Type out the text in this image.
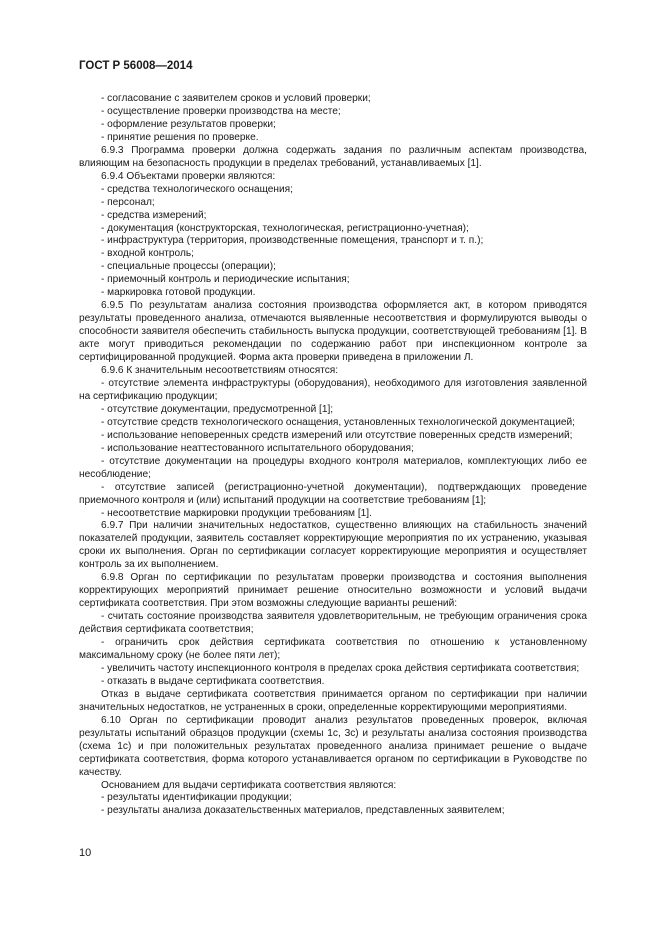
ГОСТ Р 56008—2014

- согласование с заявителем сроков и условий проверки;

- осуществление проверки производства на месте;

- оформление результатов проверки;

- принятие решения по проверке.

6.9.3 Программа проверки должна содержать задания по различным аспектам производства, влияющим на безопасность продукции в пределах требований, устанавливаемых [1].

6.9.4 Объектами проверки являются:

- средства технологического оснащения;

- персонал;

- средства измерений;

- документация (конструкторская, технологическая, регистрационно-учетная);

- инфраструктура (территория, производственные помещения, транспорт и т. п.);

- входной контроль;

- специальные процессы (операции);

- приемочный контроль и периодические испытания;

- маркировка готовой продукции.

6.9.5 По результатам анализа состояния производства оформляется акт, в котором приводятся результаты проведенного анализа, отмечаются выявленные несоответствия и формулируются выводы о способности заявителя обеспечить стабильность выпуска продукции, соответствующей требованиям [1]. В акте могут приводиться рекомендации по содержанию работ при инспекционном контроле за сертифицированной продукцией. Форма акта проверки приведена в приложении Л.

6.9.6 К значительным несоответствиям относятся:

- отсутствие элемента инфраструктуры (оборудования), необходимого для изготовления заявленной на сертификацию продукции;

- отсутствие документации, предусмотренной [1];

- отсутствие средств технологического оснащения, установленных технологической документацией;

- использование неповеренных средств измерений или отсутствие поверенных средств измерений;

- использование неаттестованного испытательного оборудования;

- отсутствие документации на процедуры входного контроля материалов, комплектующих либо ее несоблюдение;

- отсутствие записей (регистрационно-учетной документации), подтверждающих проведение приемочного контроля и (или) испытаний продукции на соответствие требованиям [1];

- несоответствие маркировки продукции требованиям [1].

6.9.7 При наличии значительных недостатков, существенно влияющих на стабильность значений показателей продукции, заявитель составляет корректирующие мероприятия по их устранению, указывая сроки их выполнения. Орган по сертификации согласует корректирующие мероприятия и осуществляет контроль за их выполнением.

6.9.8 Орган по сертификации по результатам проверки производства и состояния выполнения корректирующих мероприятий принимает решение относительно возможности и условий выдачи сертификата соответствия. При этом возможны следующие варианты решений:

- считать состояние производства заявителя удовлетворительным, не требующим ограничения срока действия сертификата соответствия;

- ограничить срок действия сертификата соответствия по отношению к установленному максимальному сроку (не более пяти лет);

- увеличить частоту инспекционного контроля в пределах срока действия сертификата соответствия;

- отказать в выдаче сертификата соответствия.

Отказ в выдаче сертификата соответствия принимается органом по сертификации при наличии значительных недостатков, не устраненных в сроки, определенные корректирующими мероприятиями.

6.10 Орган по сертификации проводит анализ результатов проведенных проверок, включая результаты испытаний образцов продукции (схемы 1с, 3с) и результаты анализа состояния производства (схема 1с) и при положительных результатах проведенного анализа принимает решение о выдаче сертификата соответствия, форма которого устанавливается органом по сертификации в Руководстве по качеству.

Основанием для выдачи сертификата соответствия являются:

- результаты идентификации продукции;

- результаты анализа доказательственных материалов, представленных заявителем;

10
